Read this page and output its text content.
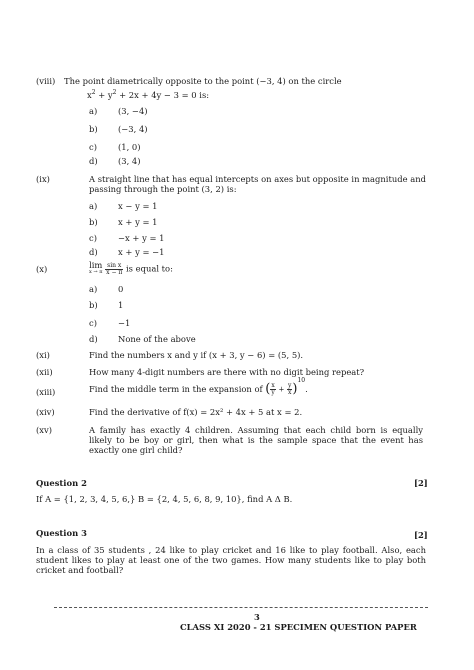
(viii) The point diametrically opposite to the point (−3, 4) on the circle
$x^2 + y^2 + 2x + 4y - 3 = 0$ is:
a) (3, −4)
b) (−3, 4)
c)	(1, 0)
d) (3, 4)
(ix)	A straight line that has equal intercepts on axes but opposite in magnitude and
passing through the point (3, 2) is:
a) x − y = 1
b) x + y = 1
c)	−x + y = 1
d) x + y = −1
(x)	lim
x → π
$\frac{\text{sin x}}{x - \pi}$ is equal to:
a) 0
b) 1
c)	−1
d) None of the above
(xi)	Find the numbers x and y if (x + 3, y − 6) = (5, 5).
(xii)	How many 4-digit numbers are there with no digit being repeat?
(xiii)	Find the middle term in the expansion of ( $\frac{x}{y} + \frac{y}{x} )^{10}$.
(xiv)	Find the derivative of f(x) = 2x² + 4x + 5 at x = 2.
(xv)	A family has exactly 4 children. Assuming that each child born is equally likely to be boy or girl, then what is the sample space that the event has exactly one girl child?
Question 2	[2]
If A = {1, 2, 3, 4, 5, 6,} B = {2, 4, 5, 6, 8, 9, 10}, find A Δ B.
Question 3	[2]
In a class of 35 students , 24 like to play cricket and 16 like to play football. Also, each student likes to play at least one of the two games. How many students like to play both cricket and football?
3
CLASS XI 2020 - 21 SPECIMEN QUESTION PAPER
